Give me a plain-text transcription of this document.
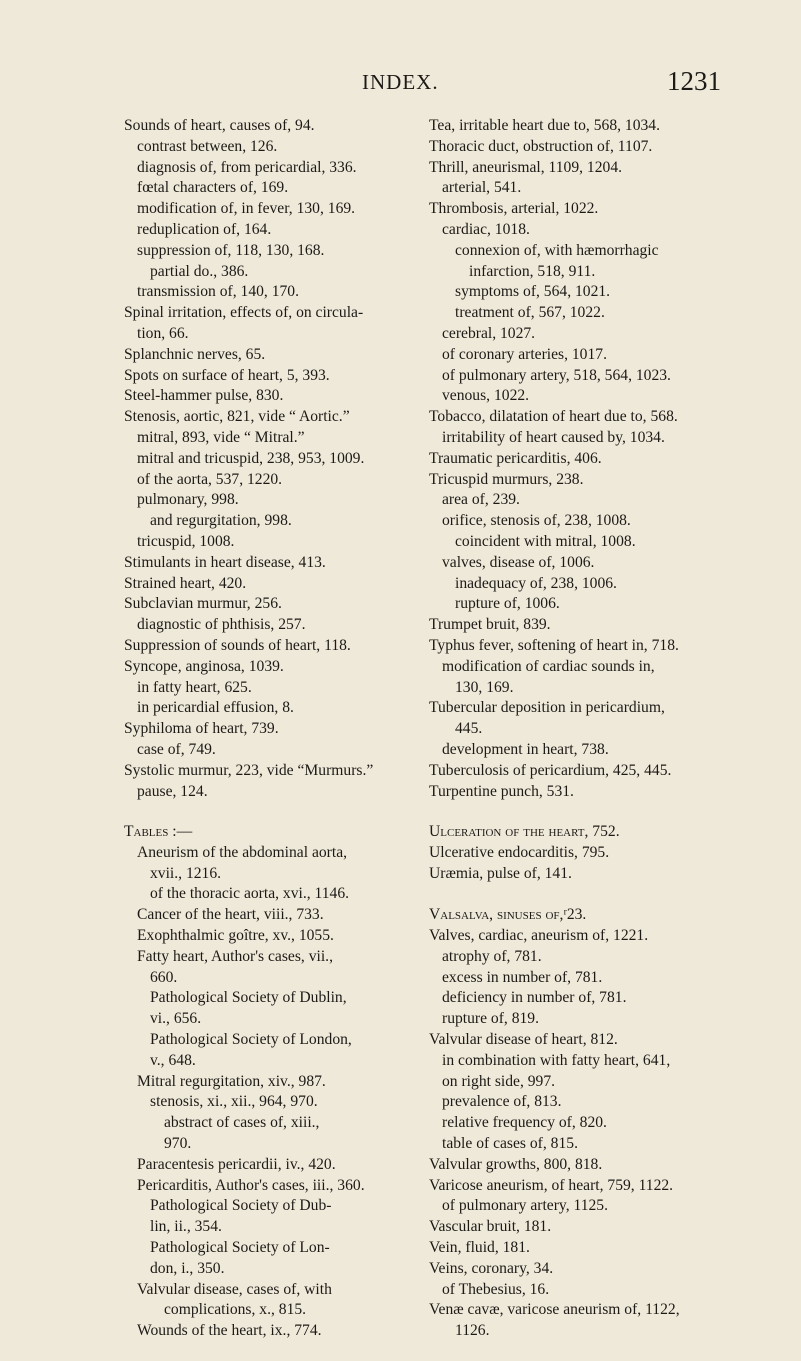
INDEX.	1231
Sounds of heart, causes of, 94.
contrast between, 126.
diagnosis of, from pericardial, 336.
fœtal characters of, 169.
modification of, in fever, 130, 169.
reduplication of, 164.
suppression of, 118, 130, 168.
partial do., 386.
transmission of, 140, 170.
Spinal irritation, effects of, on circula-
tion, 66.
Splanchnic nerves, 65.
Spots on surface of heart, 5, 393.
Steel-hammer pulse, 830.
Stenosis, aortic, 821, vide “ Aortic.”
mitral, 893, vide “ Mitral.”
mitral and tricuspid, 238, 953, 1009.
of the aorta, 537, 1220.
pulmonary, 998.
and regurgitation, 998.
tricuspid, 1008.
Stimulants in heart disease, 413.
Strained heart, 420.
Subclavian murmur, 256.
diagnostic of phthisis, 257.
Suppression of sounds of heart, 118.
Syncope, anginosa, 1039.
in fatty heart, 625.
in pericardial effusion, 8.
Syphiloma of heart, 739.
case of, 749.
Systolic murmur, 223, vide “Murmurs.”
pause, 124.
Tables :—
Aneurism of the abdominal aorta,
xvii., 1216.
of the thoracic aorta, xvi., 1146.
Cancer of the heart, viii., 733.
Exophthalmic goître, xv., 1055.
Fatty heart, Author's cases, vii.,
660.
Pathological Society of Dublin,
vi., 656.
Pathological Society of London,
v., 648.
Mitral regurgitation, xiv., 987.
stenosis, xi., xii., 964, 970.
abstract of cases of, xiii.,
970.
Paracentesis pericardii, iv., 420.
Pericarditis, Author's cases, iii., 360.
Pathological Society of Dub-
lin, ii., 354.
Pathological Society of Lon-
don, i., 350.
Valvular disease, cases of, with
complications, x., 815.
Wounds of the heart, ix., 774.
Tea, irritable heart due to, 568, 1034.
Thoracic duct, obstruction of, 1107.
Thrill, aneurismal, 1109, 1204.
arterial, 541.
Thrombosis, arterial, 1022.
cardiac, 1018.
connexion of, with hæmorrhagic
infarction, 518, 911.
symptoms of, 564, 1021.
treatment of, 567, 1022.
cerebral, 1027.
of coronary arteries, 1017.
of pulmonary artery, 518, 564, 1023.
venous, 1022.
Tobacco, dilatation of heart due to, 568.
irritability of heart caused by, 1034.
Traumatic pericarditis, 406.
Tricuspid murmurs, 238.
area of, 239.
orifice, stenosis of, 238, 1008.
coincident with mitral, 1008.
valves, disease of, 1006.
inadequacy of, 238, 1006.
rupture of, 1006.
Trumpet bruit, 839.
Typhus fever, softening of heart in, 718.
modification of cardiac sounds in,
130, 169.
Tubercular deposition in pericardium,
445.
development in heart, 738.
Tuberculosis of pericardium, 425, 445.
Turpentine punch, 531.
Ulceration of the heart, 752.
Ulcerative endocarditis, 795.
Uræmia, pulse of, 141.

Valsalva, sinuses of,ʳ23.
Valves, cardiac, aneurism of, 1221.
atrophy of, 781.
excess in number of, 781.
deficiency in number of, 781.
rupture of, 819.
Valvular disease of heart, 812.
in combination with fatty heart, 641,
on right side, 997.
prevalence of, 813.
relative frequency of, 820.
table of cases of, 815.
Valvular growths, 800, 818.
Varicose aneurism, of heart, 759, 1122.
of pulmonary artery, 1125.
Vascular bruit, 181.
Vein, fluid, 181.
Veins, coronary, 34.
of Thebesius, 16.
Venæ cavæ, varicose aneurism of, 1122,
1126.
